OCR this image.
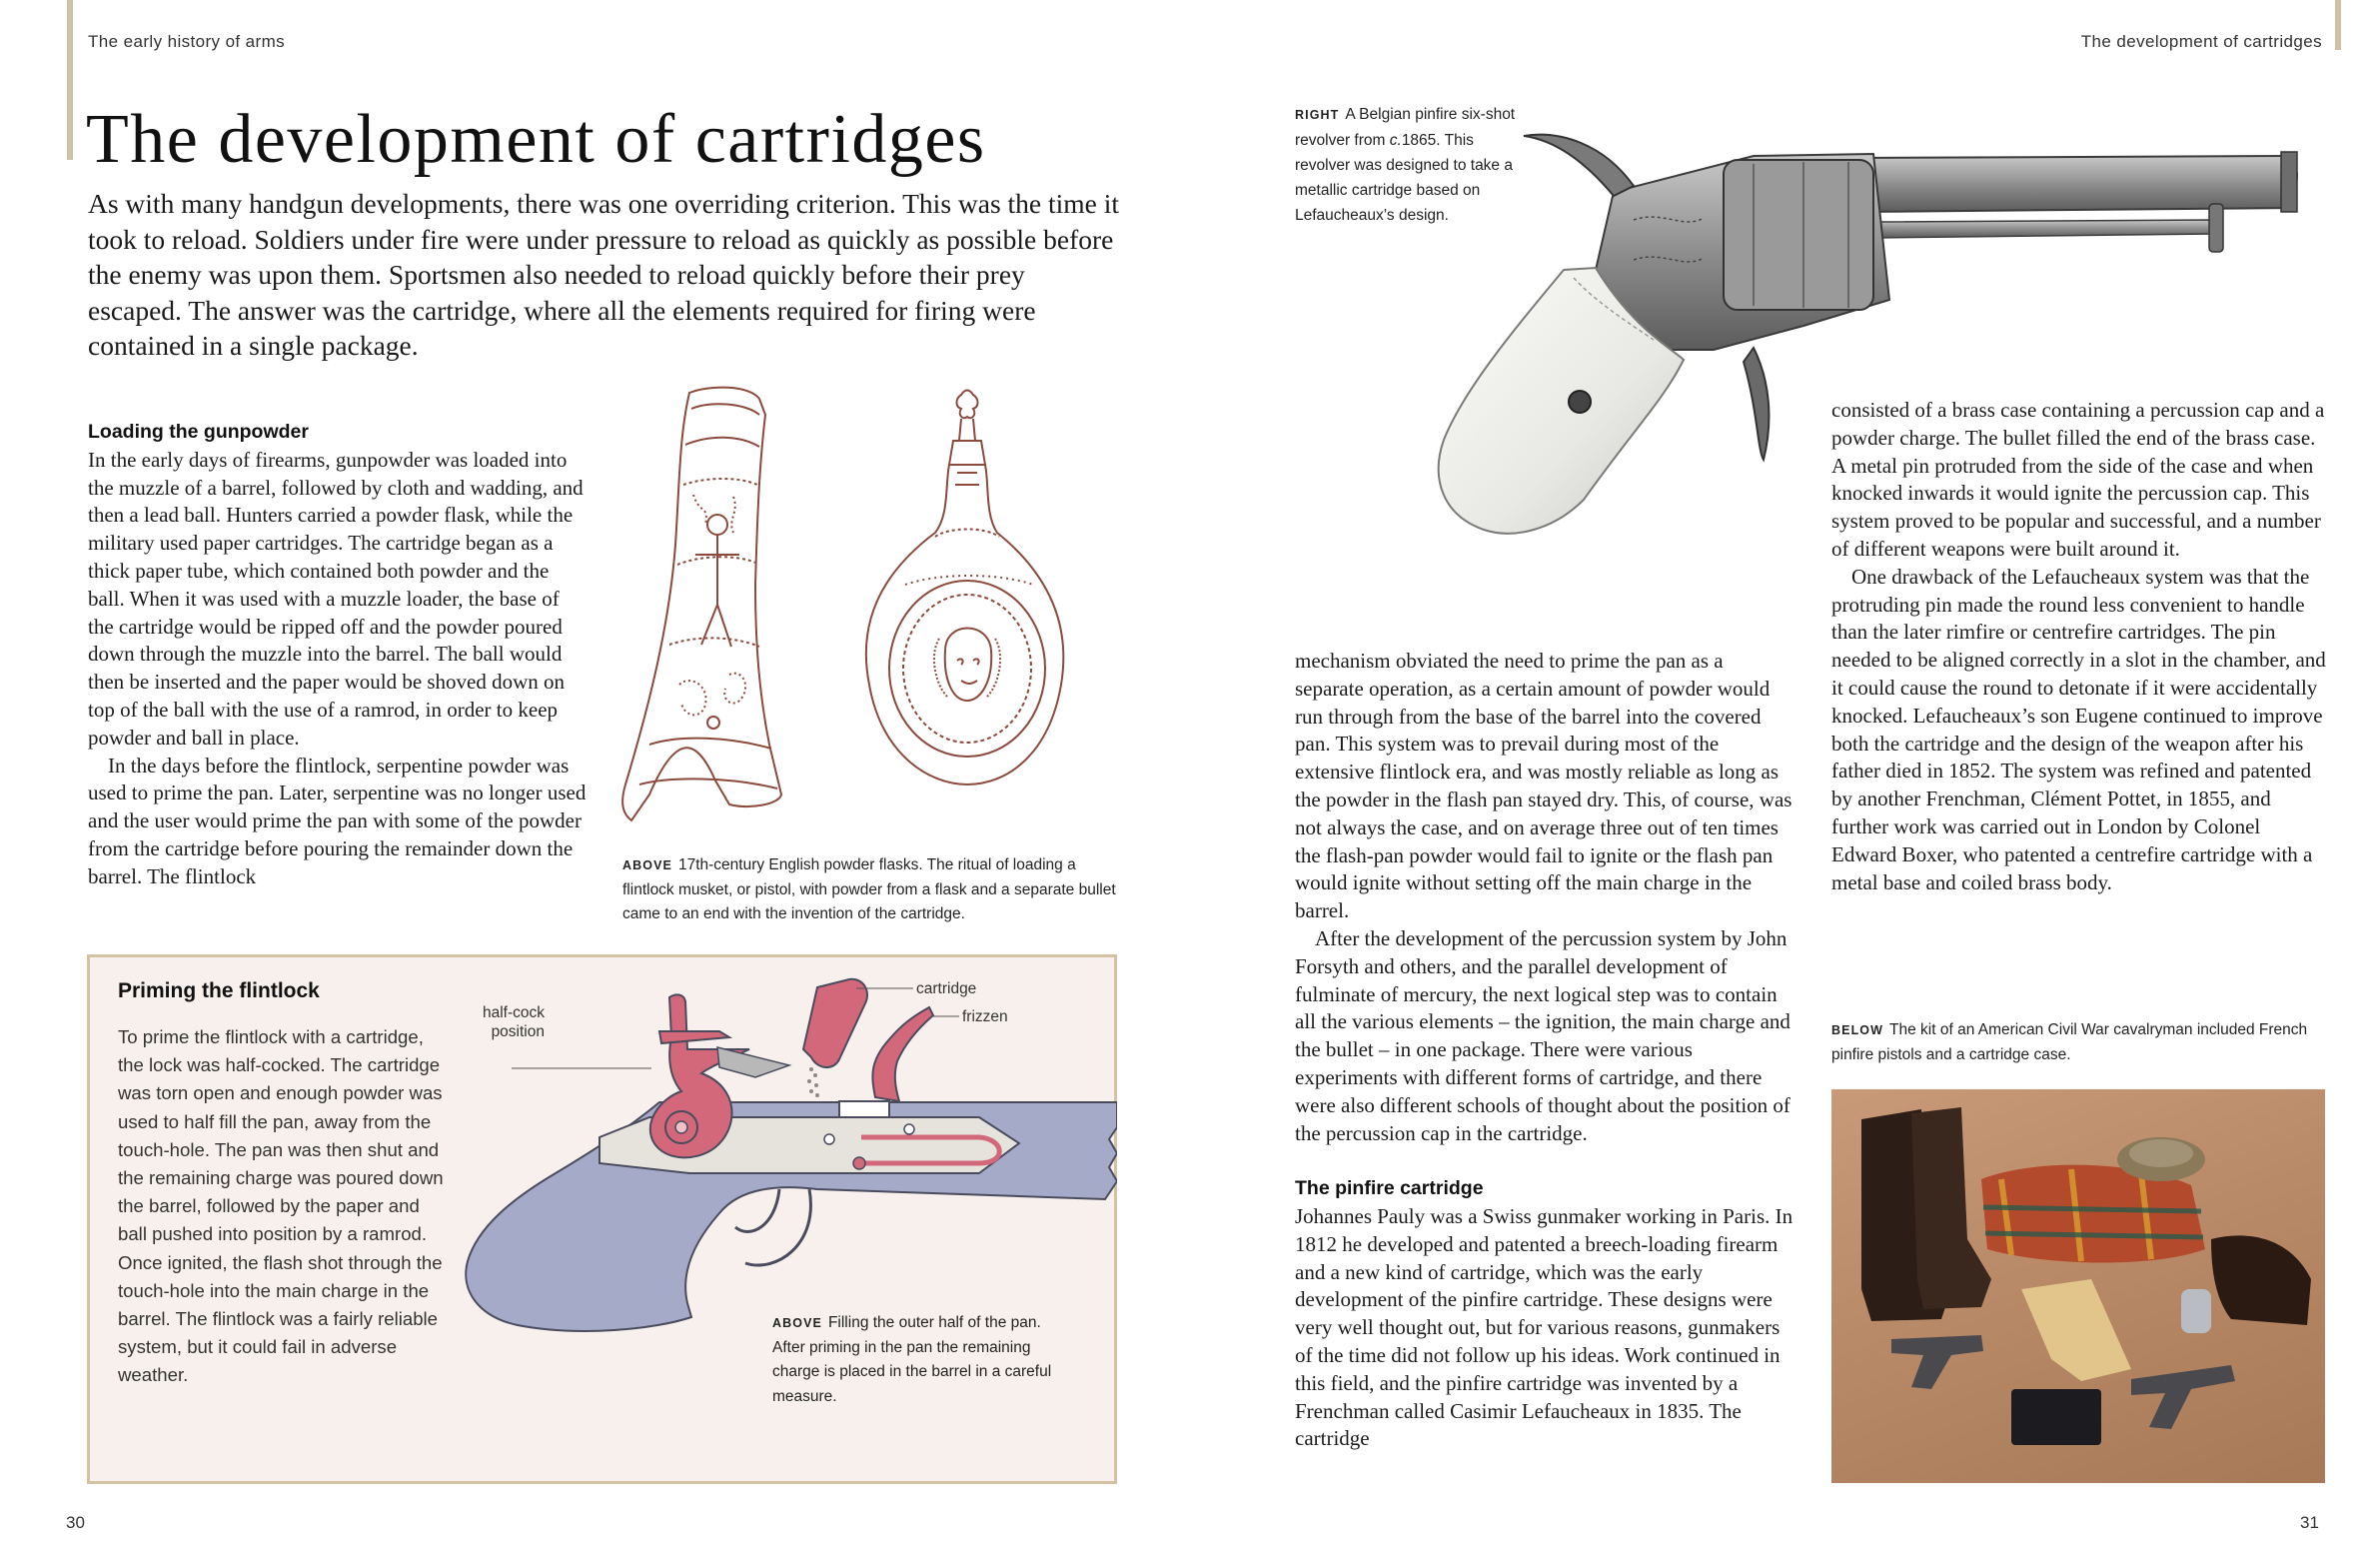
The early history of arms
The development of cartridges

As with many handgun developments, there was one overriding criterion. This was the time it took to reload. Soldiers under fire were under pressure to reload as quickly as possible before the enemy was upon them. Sportsmen also needed to reload quickly before their prey escaped. The answer was the cartridge, where all the elements required for firing were contained in a single package.

Loading the gunpowder

In the early days of firearms, gunpowder was loaded into the muzzle of a barrel, followed by cloth and wadding, and then a lead ball. Hunters carried a powder flask, while the military used paper cartridges. The cartridge began as a thick paper tube, which contained both powder and the ball. When it was used with a muzzle loader, the base of the cartridge would be ripped off and the powder poured down through the muzzle into the barrel. The ball would then be inserted and the paper would be shoved down on top of the ball with the use of a ramrod, in order to keep powder and ball in place.

In the days before the flintlock, serpentine powder was used to prime the pan. Later, serpentine was no longer used and the user would prime the pan with some of the powder from the cartridge before pouring the remainder down the barrel. The flintlock	ABOVE 17th-century English powder flasks. The ritual of loading a flintlock musket, or pistol, with powder from a flask and a separate bullet came to an end with the invention of the cartridge.
Priming the flintlock

To prime the flintlock with a cartridge, the lock was half-cocked. The cartridge was torn open and enough powder was used to half fill the pan, away from the touch-hole. The pan was then shut and the remaining charge was poured down the barrel, followed by the paper and ball pushed into position by a ramrod. Once ignited, the flash shot through the touch-hole into the main charge in the barrel. The flintlock was a fairly reliable system, but it could fail in adverse weather.

half-cock
position
cartridge
frizzen
ABOVE Filling the outer half of the pan. After priming in the pan the remaining charge is placed in the barrel in a careful measure.
30
The development of cartridges
RIGHT A Belgian pinfire six-shot revolver from c.1865. This revolver was designed to take a metallic cartridge based on Lefaucheaux’s design.

mechanism obviated the need to prime the pan as a separate operation, as a certain amount of powder would run through from the base of the barrel into the covered pan. This system was to prevail during most of the extensive flintlock era, and was mostly reliable as long as the powder in the flash pan stayed dry. This, of course, was not always the case, and on average three out of ten times the flash-pan powder would fail to ignite or the flash pan would ignite without setting off the main charge in the barrel.

After the development of the percussion system by John Forsyth and others, and the parallel development of fulminate of mercury, the next logical step was to contain all the various elements – the ignition, the main charge and the bullet – in one package. There were various experiments with different forms of cartridge, and there were also different schools of thought about the position of the percussion cap in the cartridge.

The pinfire cartridge

Johannes Pauly was a Swiss gunmaker working in Paris. In 1812 he developed and patented a breech-loading firearm and a new kind of cartridge, which was the early development of the pinfire cartridge. These designs were very well thought out, but for various reasons, gunmakers of the time did not follow up his ideas. Work continued in this field, and the pinfire cartridge was invented by a Frenchman called Casimir Lefaucheaux in 1835. The cartridge

consisted of a brass case containing a percussion cap and a powder charge. The bullet filled the end of the brass case. A metal pin protruded from the side of the case and when knocked inwards it would ignite the percussion cap. This system proved to be popular and successful, and a number of different weapons were built around it.

One drawback of the Lefaucheaux system was that the protruding pin made the round less convenient to handle than the later rimfire or centrefire cartridges. The pin needed to be aligned correctly in a slot in the chamber, and it could cause the round to detonate if it were accidentally knocked. Lefaucheaux’s son Eugene continued to improve both the cartridge and the design of the weapon after his father died in 1852. The system was refined and patented by another Frenchman, Clément Pottet, in 1855, and further work was carried out in London by Colonel Edward Boxer, who patented a centrefire cartridge with a metal base and coiled brass body.

BELOW The kit of an American Civil War cavalryman included French pinfire pistols and a cartridge case.
31
